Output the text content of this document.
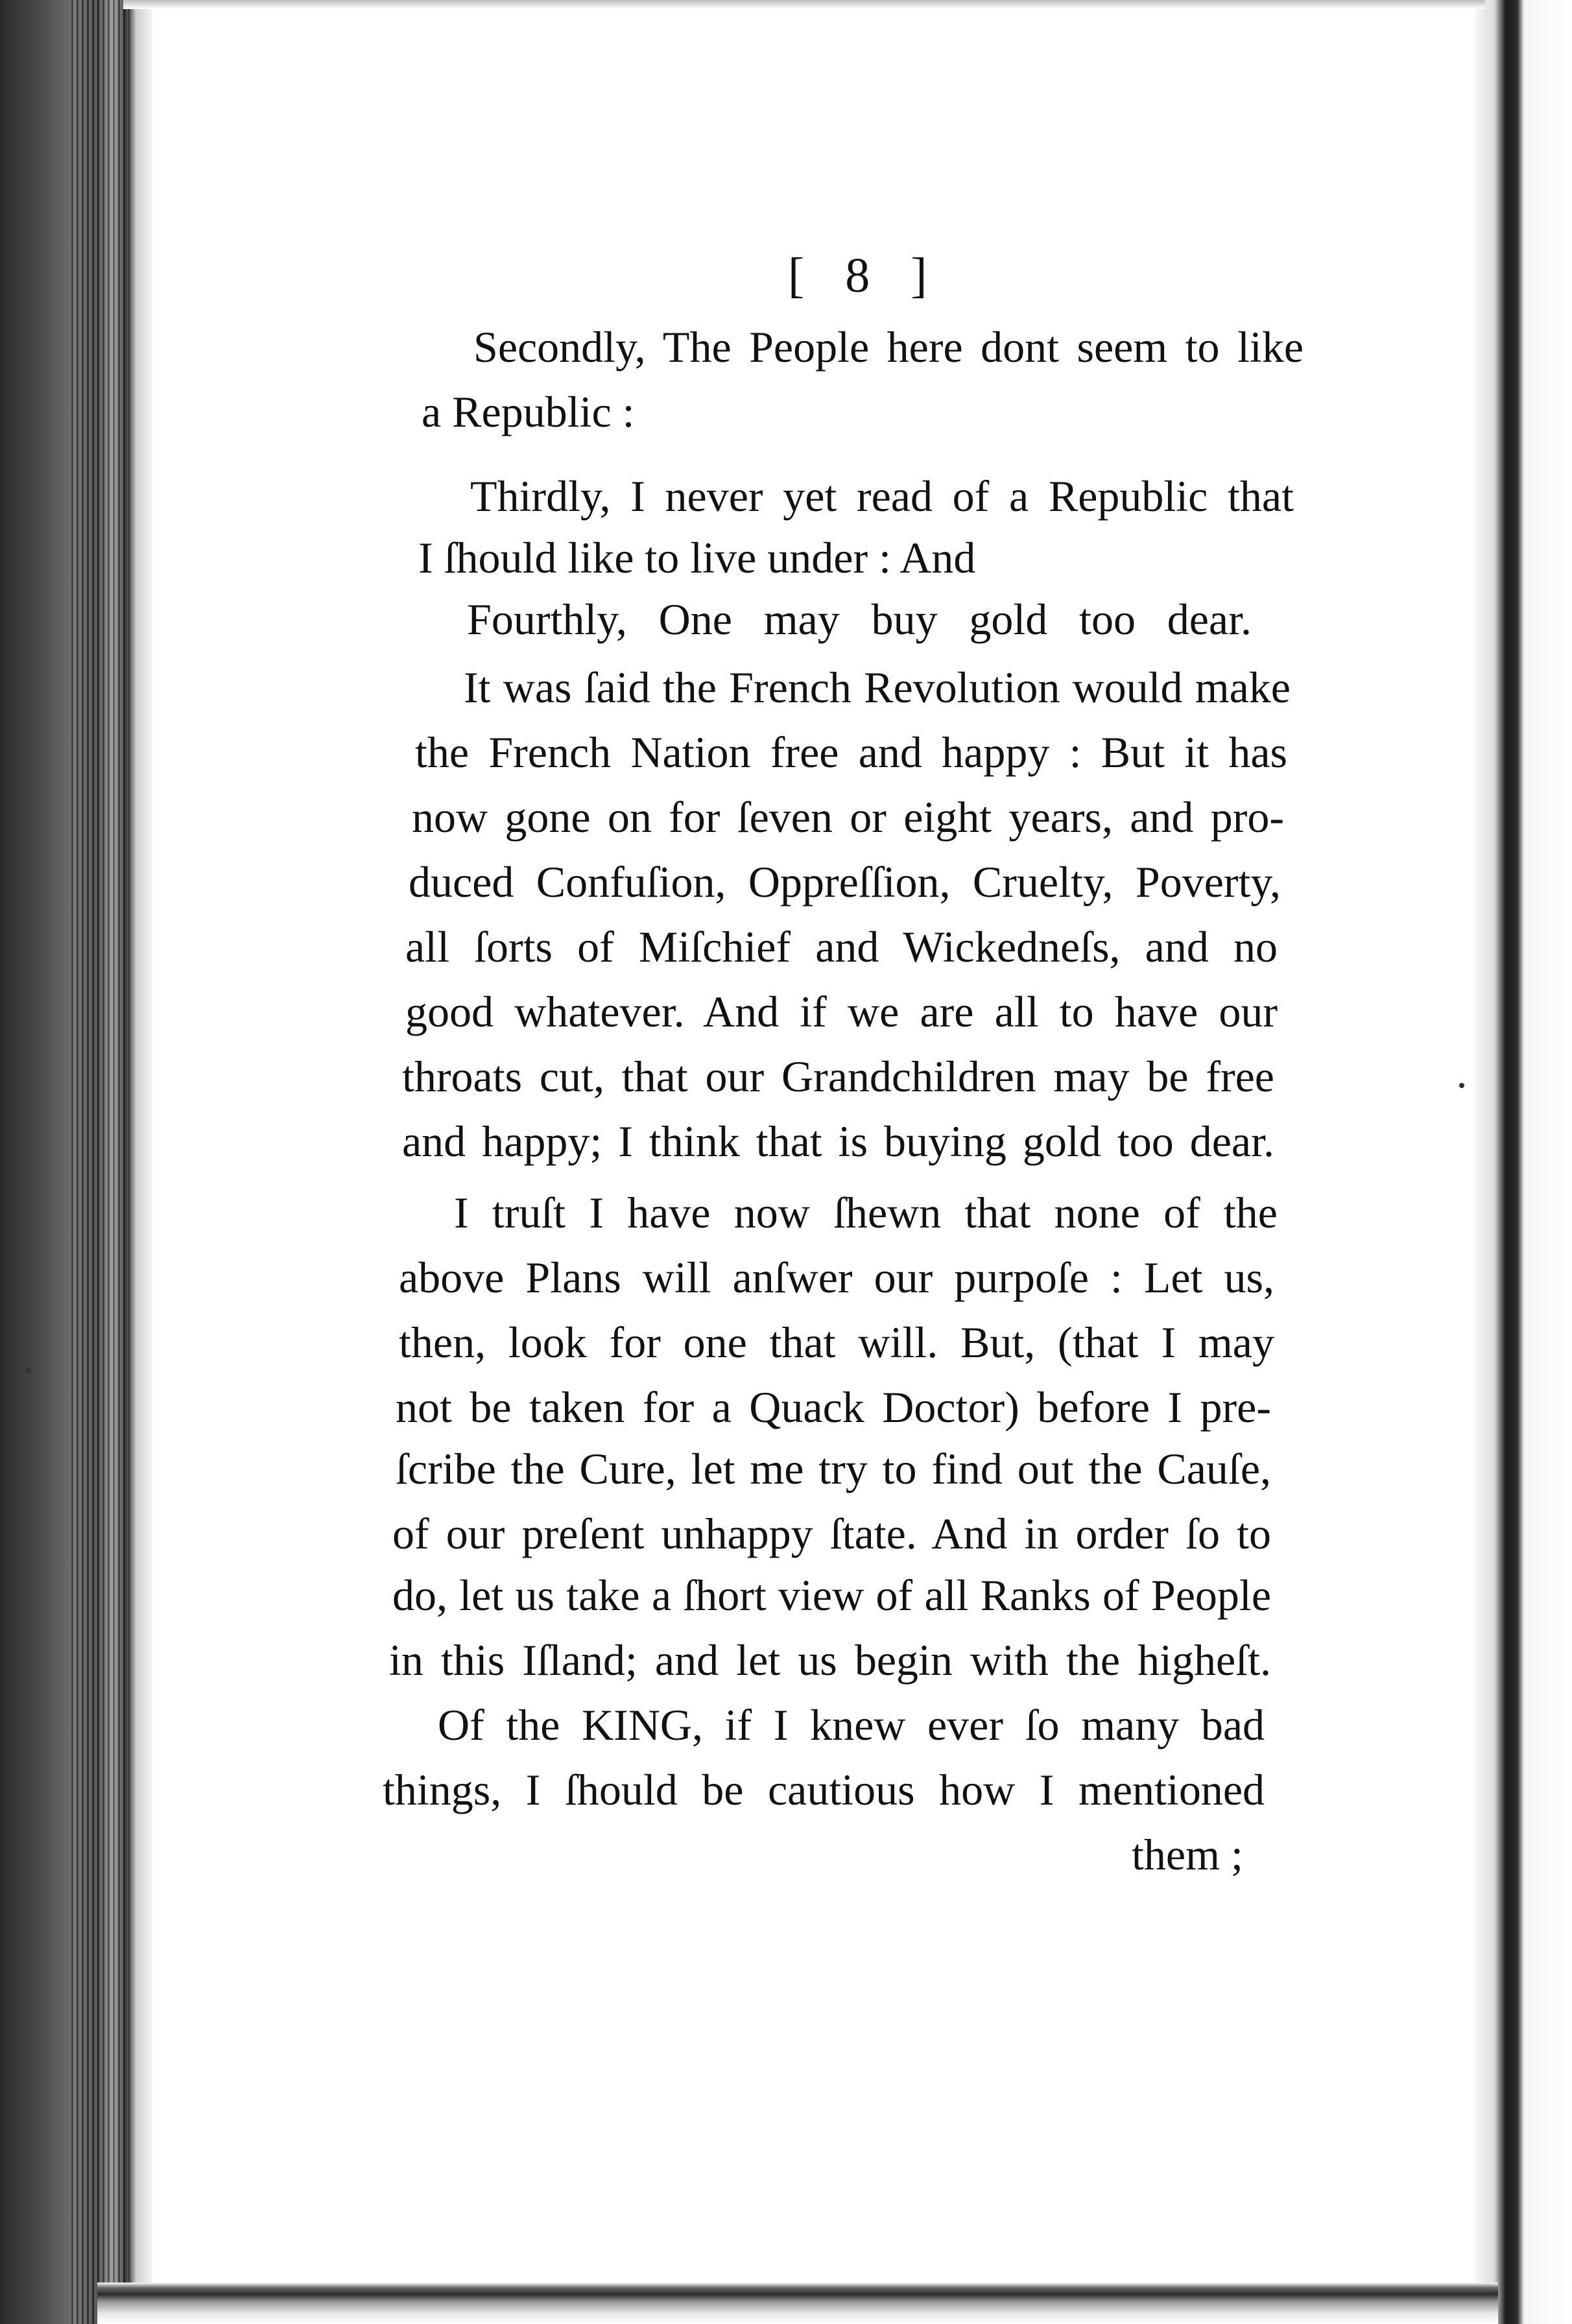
[ 8 ]
Secondly, The People here dont seem to like
a Republic :
Thirdly, I never yet read of a Republic that
I ſhould like to live under : And
Fourthly, One may buy gold too dear.
It was ſaid the French Revolution would make
the French Nation free and happy : But it has
now gone on for ſeven or eight years, and pro-
duced Confuſion, Oppreſſion, Cruelty, Poverty,
all ſorts of Miſchief and Wickedneſs, and no
good whatever. And if we are all to have our
throats cut, that our Grandchildren may be free
and happy; I think that is buying gold too dear.
I truſt I have now ſhewn that none of the
above Plans will anſwer our purpoſe : Let us,
then, look for one that will. But, (that I may
not be taken for a Quack Doctor) before I pre-
ſcribe the Cure, let me try to find out the Cauſe,
of our preſent unhappy ſtate. And in order ſo to
do, let us take a ſhort view of all Ranks of People
in this Iſland; and let us begin with the higheſt.
Of the KING, if I knew ever ſo many bad
things, I ſhould be cautious how I mentioned
them ;
